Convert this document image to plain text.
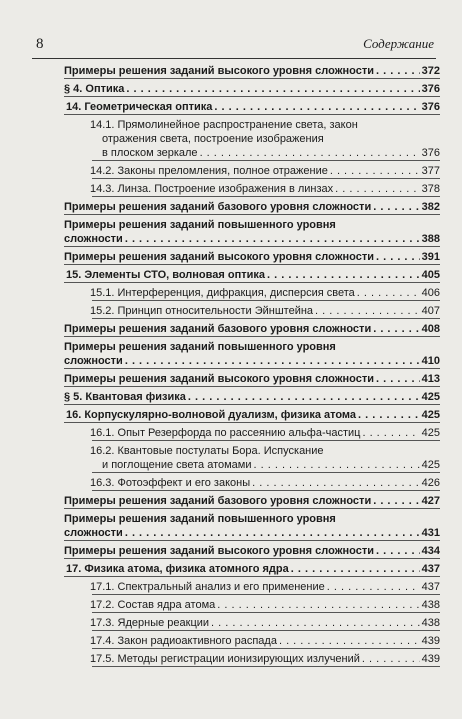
8	Содержание
Примеры решения заданий высокого уровня сложности . . .	372
§ 4. Оптика . . .	376
14. Геометрическая оптика . . .	376
14.1. Прямолинейное распространение света, закон
отражения света, построение изображения
в плоском зеркале . . .	376
14.2. Законы преломления, полное отражение . . .	377
14.3. Линза. Построение изображения в линзах . . .	378
Примеры решения заданий базового уровня сложности . . .	382
Примеры решения заданий повышенного уровня
сложности . . .	388
Примеры решения заданий высокого уровня сложности . . .	391
15. Элементы СТО, волновая оптика . . .	405
15.1. Интерференция, дифракция, дисперсия света . . .	406
15.2. Принцип относительности Эйнштейна . . .	407
Примеры решения заданий базового уровня сложности . . .	408
Примеры решения заданий повышенного уровня
сложности . . .	410
Примеры решения заданий высокого уровня сложности . . .	413
§ 5. Квантовая физика . . .	425
16. Корпускулярно-волновой дуализм, физика атома . . .	425
16.1. Опыт Резерфорда по рассеянию альфа-частиц . . .	425
16.2. Квантовые постулаты Бора. Испускание
и поглощение света атомами . . .	425
16.3. Фотоэффект и его законы . . .	426
Примеры решения заданий базового уровня сложности . . .	427
Примеры решения заданий повышенного уровня
сложности . . .	431
Примеры решения заданий высокого уровня сложности . . .	434
17. Физика атома, физика атомного ядра . . .	437
17.1. Спектральный анализ и его применение . . .	437
17.2. Состав ядра атома . . .	438
17.3. Ядерные реакции . . .	438
17.4. Закон радиоактивного распада . . .	439
17.5. Методы регистрации ионизирующих излучений . . .	439
